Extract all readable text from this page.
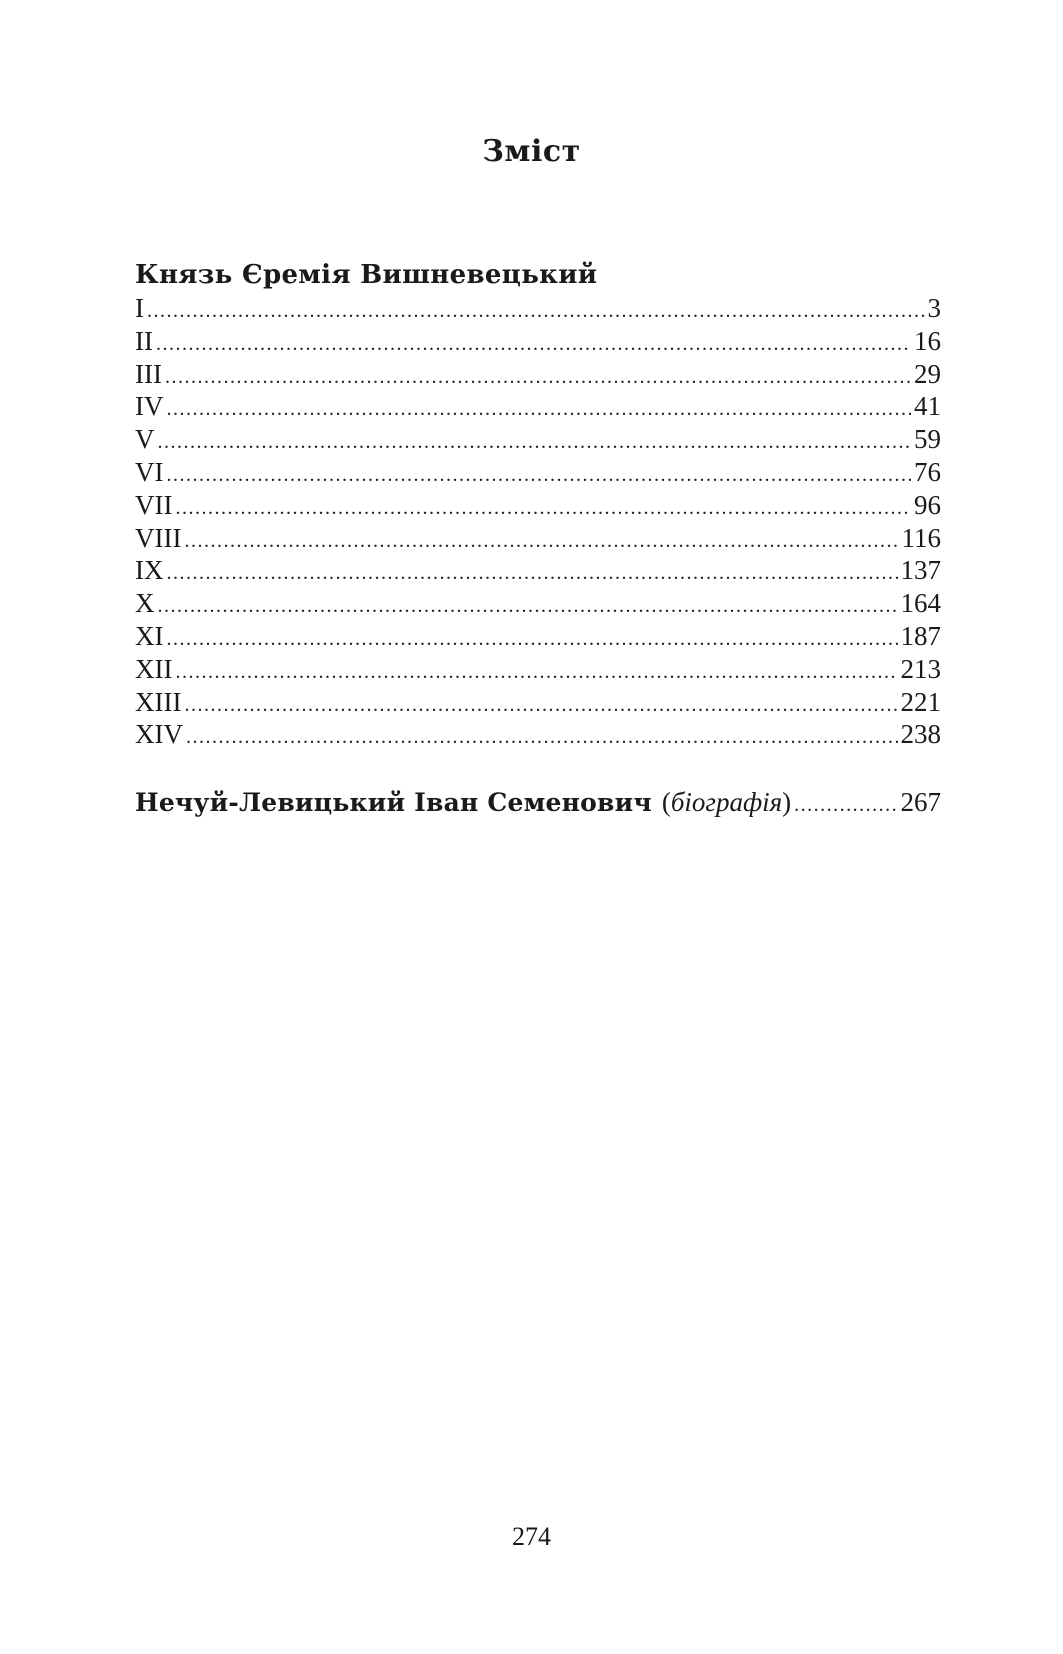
Зміст
Князь Єремія Вишневецький
I .....	3
II .....	16
III .....	29
IV .....	41
V .....	59
VI .....	76
VII .....	96
VIII .....	116
IX .....	137
X .....	164
XI .....	187
XII .....	213
XIII .....	221
XIV .....	238
Нечуй-Левицький Іван Семенович (біографія) .....	267
274
